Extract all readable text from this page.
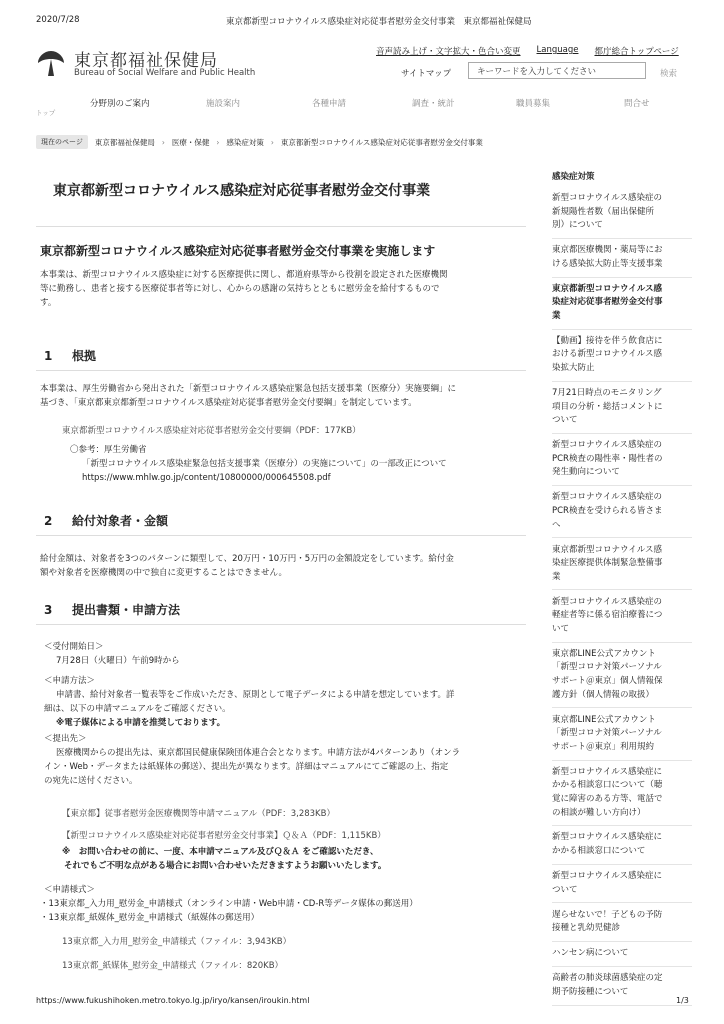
2020/7/28	東京都新型コロナウイルス感染症対応従事者慰労金交付事業　東京都福祉保健局
東京都福祉保健局
Bureau of Social Welfare and Public Health
音声読み上げ・文字拡大・色合い変更 Language 都庁総合トップページ
サイトマップ
キーワードを入力してください	検索
トップ
分野別のご案内	施設案内	各種申請	調査・統計	職員募集	問合せ
現在のページ	東京都福祉保健局 › 医療・保健 › 感染症対策 › 東京都新型コロナウイルス感染症対応従事者慰労金交付事業
東京都新型コロナウイルス感染症対応従事者慰労金交付事業
東京都新型コロナウイルス感染症対応従事者慰労金交付事業を実施します
本事業は、新型コロナウイルス感染症に対する医療提供に関し、都道府県等から役割を設定された医療機関
等に勤務し、患者と接する医療従事者等に対し、心からの感謝の気持ちとともに慰労金を給付するもので
す。
1 根拠
本事業は、厚生労働省から発出された「新型コロナウイルス感染症緊急包括支援事業（医療分）実施要綱」に
基づき、「東京都東京都新型コロナウイルス感染症対応従事者慰労金交付要綱」を制定しています。
東京都新型コロナウイルス感染症対応従事者慰労金交付要綱（PDF：177KB）
〇参考：厚生労働省
「新型コロナウイルス感染症緊急包括支援事業（医療分）の実施について」の一部改正について
https://www.mhlw.go.jp/content/10800000/000645508.pdf
2 給付対象者・金額
給付金額は、対象者を3つのパターンに類型して、20万円・10万円・5万円の金額設定をしています。給付金
額や対象者を医療機関の中で独自に変更することはできません。
3 提出書類・申請方法
＜受付開始日＞
7月28日（火曜日）午前9時から
＜申請方法＞
申請書、給付対象者一覧表等をご作成いただき、原則として電子データによる申請を想定しています。詳
細は、以下の申請マニュアルをご確認ください。
※電子媒体による申請を推奨しております。
＜提出先＞
医療機関からの提出先は、東京都国民健康保険団体連合会となります。申請方法が4パターンあり（オンラ
イン・Web・データまたは紙媒体の郵送）、提出先が異なります。詳細はマニュアルにてご確認の上、指定
の宛先に送付ください。
【東京都】従事者慰労金医療機関等申請マニュアル（PDF：3,283KB）
【新型コロナウイルス感染症対応従事者慰労金交付事業】Ｑ＆Ａ（PDF：1,115KB）
※　お問い合わせの前に、一度、本申請マニュアル及びＱ＆Ａ をご確認いただき、
それでもご不明な点がある場合にお問い合わせいただきますようお願いいたします。
＜申請様式＞
・13東京都_入力用_慰労金_申請様式（オンライン申請・Web申請・CD-R等データ媒体の郵送用）
・13東京都_紙媒体_慰労金_申請様式（紙媒体の郵送用）
13東京都_入力用_慰労金_申請様式（ファイル：3,943KB）
13東京都_紙媒体_慰労金_申請様式（ファイル：820KB）
感染症対策
新型コロナウイルス感染症の
新規陽性者数（届出保健所
別）について
東京都医療機関・薬局等にお
ける感染拡大防止等支援事業
東京都新型コロナウイルス感
染症対応従事者慰労金交付事
業
【動画】接待を伴う飲食店に
おける新型コロナウイルス感
染拡大防止
7月21日時点のモニタリング
項目の分析・総括コメントに
ついて
新型コロナウイルス感染症の
PCR検査の陽性率・陽性者の
発生動向について
新型コロナウイルス感染症の
PCR検査を受けられる皆さま
へ
東京都新型コロナウイルス感
染症医療提供体制緊急整備事
業
新型コロナウイルス感染症の
軽症者等に係る宿泊療養につ
いて
東京都LINE公式アカウント
「新型コロナ対策パーソナル
サポート＠東京」個人情報保
護方針（個人情報の取扱）
東京都LINE公式アカウント
「新型コロナ対策パーソナル
サポート＠東京」利用規約
新型コロナウイルス感染症に
かかる相談窓口について（聴
覚に障害のある方等、電話で
の相談が難しい方向け）
新型コロナウイルス感染症に
かかる相談窓口について
新型コロナウイルス感染症に
ついて
遅らせないで！子どもの予防
接種と乳幼児健診
ハンセン病について
高齢者の肺炎球菌感染症の定
期予防接種について
https://www.fukushihoken.metro.tokyo.lg.jp/iryo/kansen/iroukin.html	1/3
